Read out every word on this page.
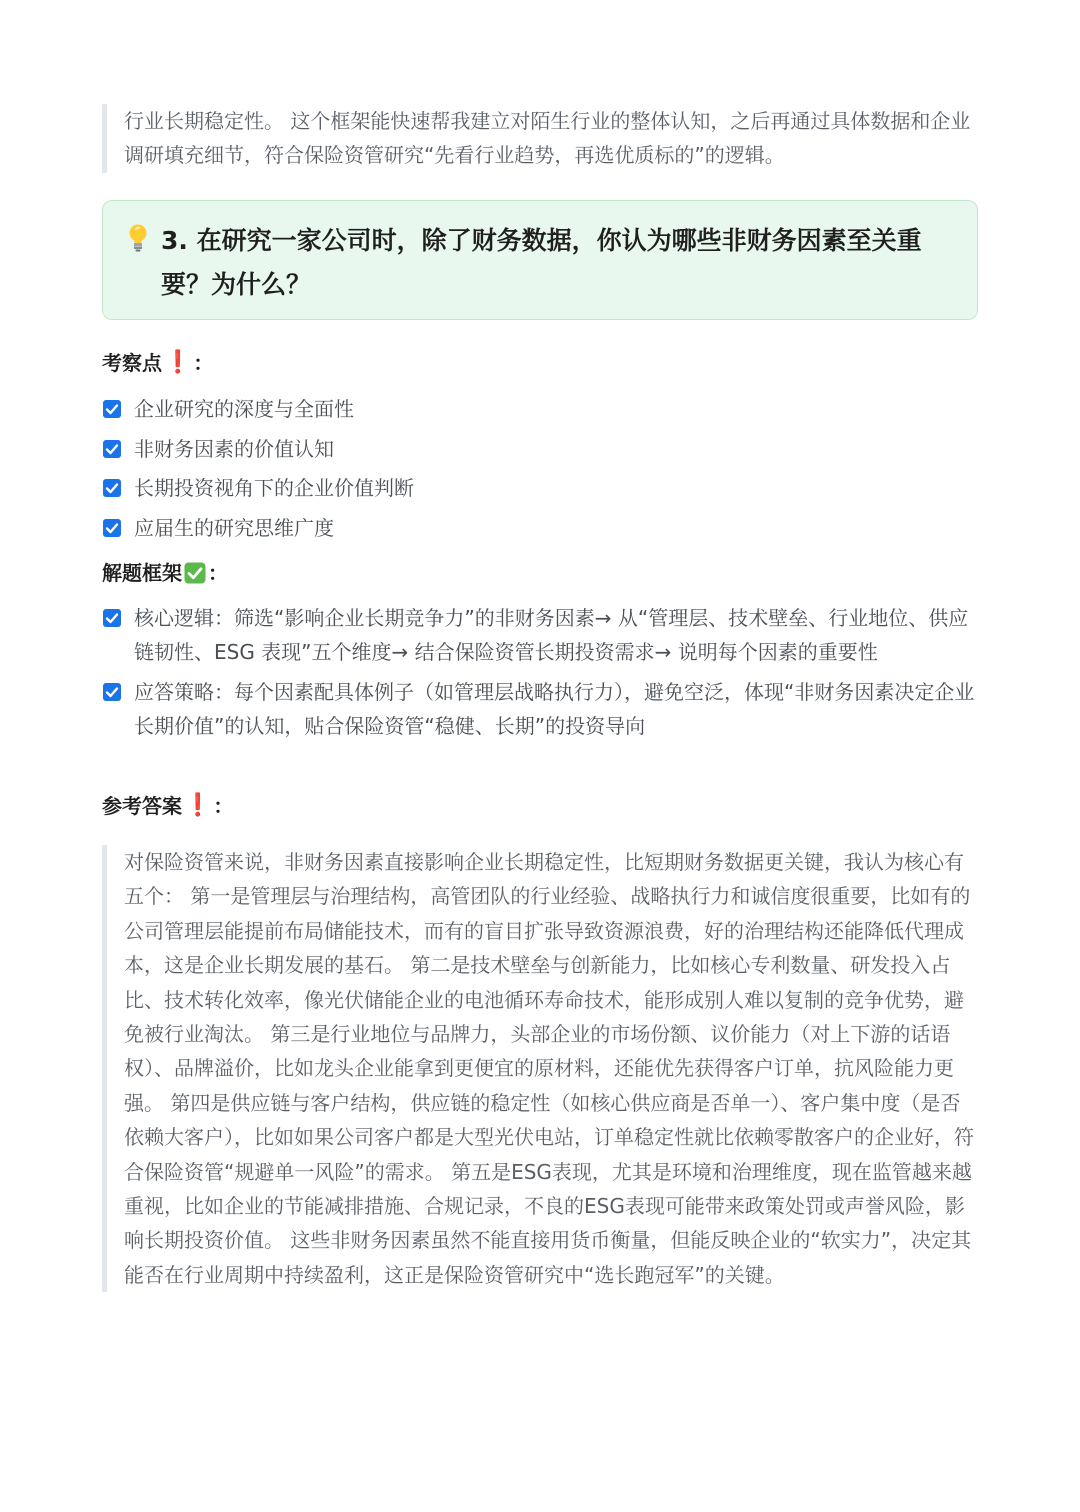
行业长期稳定性。 这个框架能快速帮我建立对陌生行业的整体认知，之后再通过具体数据和企业调研填充细节，符合保险资管研究“先看行业趋势，再选优质标的”的逻辑。

3. 在研究一家公司时，除了财务数据，你认为哪些非财务因素至关重要？为什么？
考察点 ❗ ：
企业研究的深度与全面性
非财务因素的价值认知
长期投资视角下的企业价值判断
应届生的研究思维广度
解题框架 ：
核心逻辑：筛选“影响企业长期竞争力”的非财务因素→ 从“管理层、技术壁垒、行业地位、供应链韧性、ESG 表现”五个维度→ 结合保险资管长期投资需求→ 说明每个因素的重要性
应答策略：每个因素配具体例子（如管理层战略执行力），避免空泛，体现“非财务因素决定企业长期价值”的认知，贴合保险资管“稳健、长期”的投资导向
参考答案 ❗ ：

对保险资管来说，非财务因素直接影响企业长期稳定性，比短期财务数据更关键，我认为核心有五个： 第一是管理层与治理结构，高管团队的行业经验、战略执行力和诚信度很重要，比如有的公司管理层能提前布局储能技术，而有的盲目扩张导致资源浪费，好的治理结构还能降低代理成本，这是企业长期发展的基石。 第二是技术壁垒与创新能力，比如核心专利数量、研发投入占比、技术转化效率，像光伏储能企业的电池循环寿命技术，能形成别人难以复制的竞争优势，避免被行业淘汰。 第三是行业地位与品牌力，头部企业的市场份额、议价能力（对上下游的话语权）、品牌溢价，比如龙头企业能拿到更便宜的原材料，还能优先获得客户订单，抗风险能力更强。 第四是供应链与客户结构，供应链的稳定性（如核心供应商是否单一）、客户集中度（是否依赖大客户），比如如果公司客户都是大型光伏电站，订单稳定性就比依赖零散客户的企业好，符合保险资管“规避单一风险”的需求。 第五是ESG表现，尤其是环境和治理维度，现在监管越来越重视，比如企业的节能减排措施、合规记录，不良的ESG表现可能带来政策处罚或声誉风险，影响长期投资价值。 这些非财务因素虽然不能直接用货币衡量，但能反映企业的“软实力”，决定其能否在行业周期中持续盈利，这正是保险资管研究中“选长跑冠军”的关键。
